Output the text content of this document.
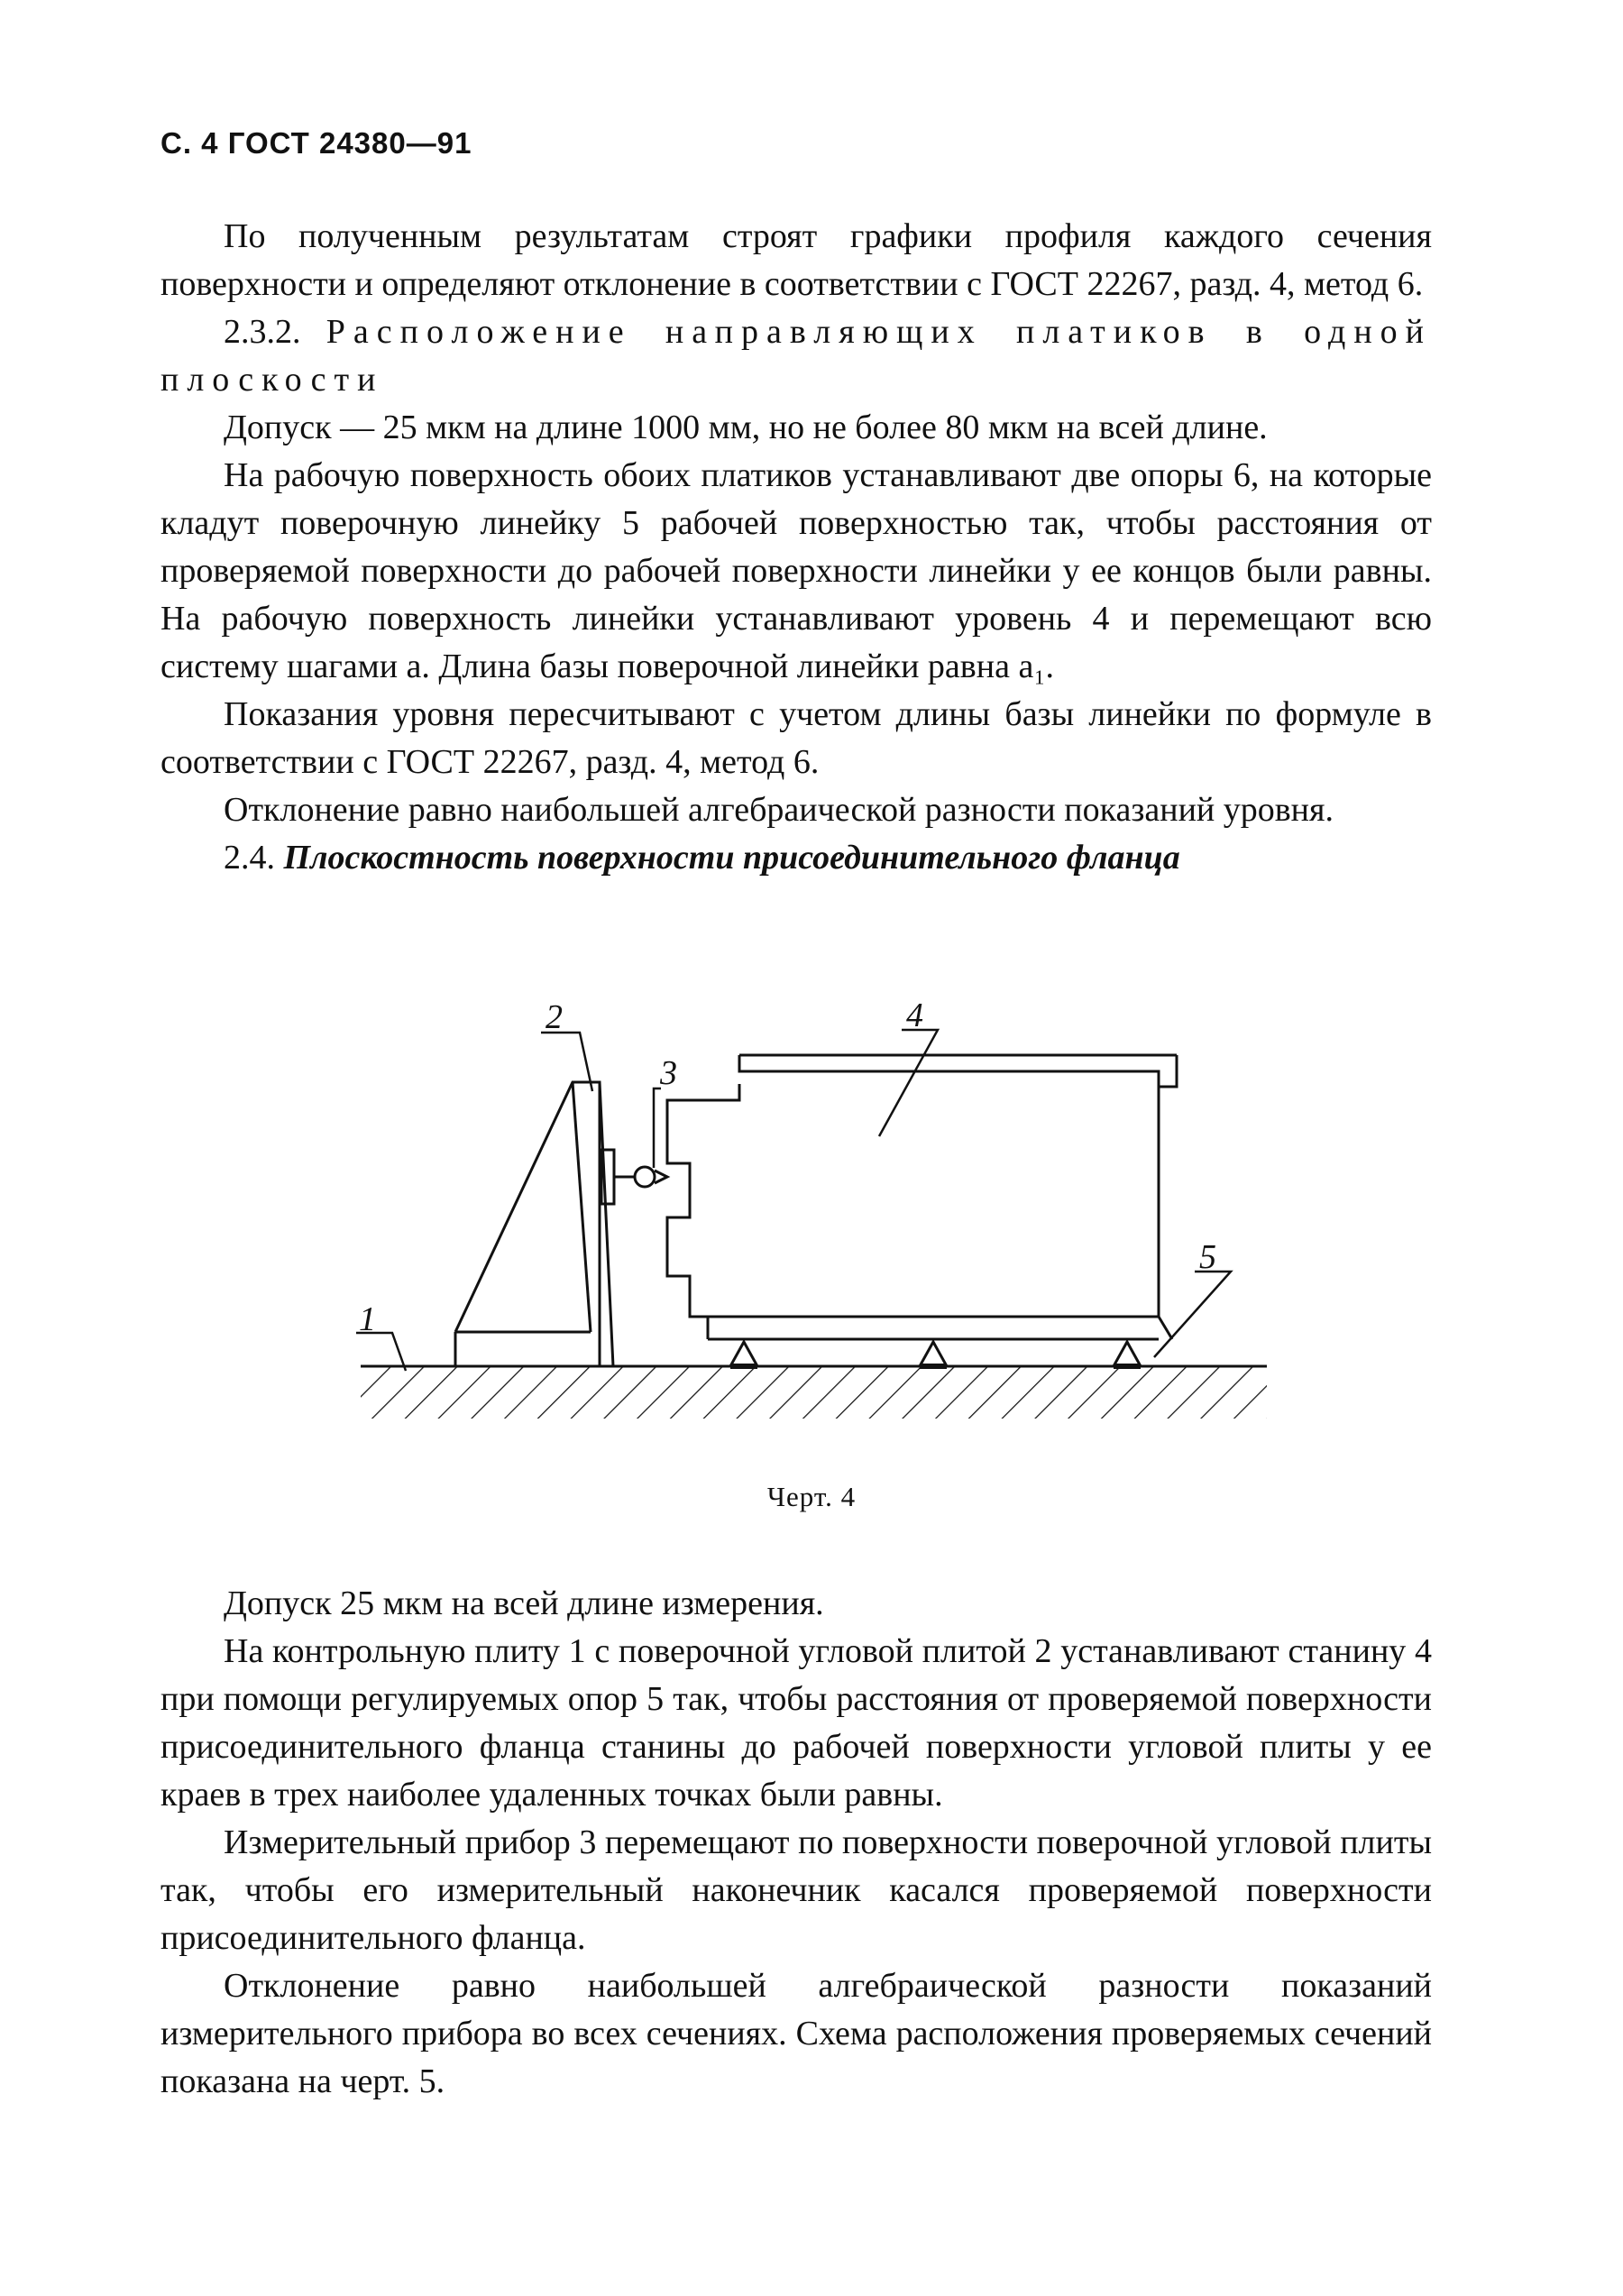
С. 4 ГОСТ 24380—91

По полученным результатам строят графики профиля каждого сечения поверхности и определяют отклонение в соответствии с ГОСТ 22267, разд. 4, метод 6.

2.3.2. Расположение направляющих платиков в одной плоскости

Допуск — 25 мкм на длине 1000 мм, но не более 80 мкм на всей длине.

На рабочую поверхность обоих платиков устанавливают две опоры 6, на которые кладут поверочную линейку 5 рабочей поверхностью так, чтобы расстояния от проверяемой поверхности до рабочей поверхности линейки у ее концов были равны. На рабочую поверхность линейки устанавливают уровень 4 и перемещают всю систему шагами a. Длина базы поверочной линейки равна a₁.

Показания уровня пересчитывают с учетом длины базы линейки по формуле в соответствии с ГОСТ 22267, разд. 4, метод 6.

Отклонение равно наибольшей алгебраической разности показаний уровня.

2.4. Плоскостность поверхности присоединительного фланца

1
2
3
4
5
Черт. 4

Допуск 25 мкм на всей длине измерения.

На контрольную плиту 1 с поверочной угловой плитой 2 устанавливают станину 4 при помощи регулируемых опор 5 так, чтобы расстояния от проверяемой поверхности присоединительного фланца станины до рабочей поверхности угловой плиты у ее краев в трех наиболее удаленных точках были равны.

Измерительный прибор 3 перемещают по поверхности поверочной угловой плиты так, чтобы его измерительный наконечник касался проверяемой поверхности присоединительного фланца.

Отклонение равно наибольшей алгебраической разности показаний измерительного прибора во всех сечениях. Схема расположения проверяемых сечений показана на черт. 5.
